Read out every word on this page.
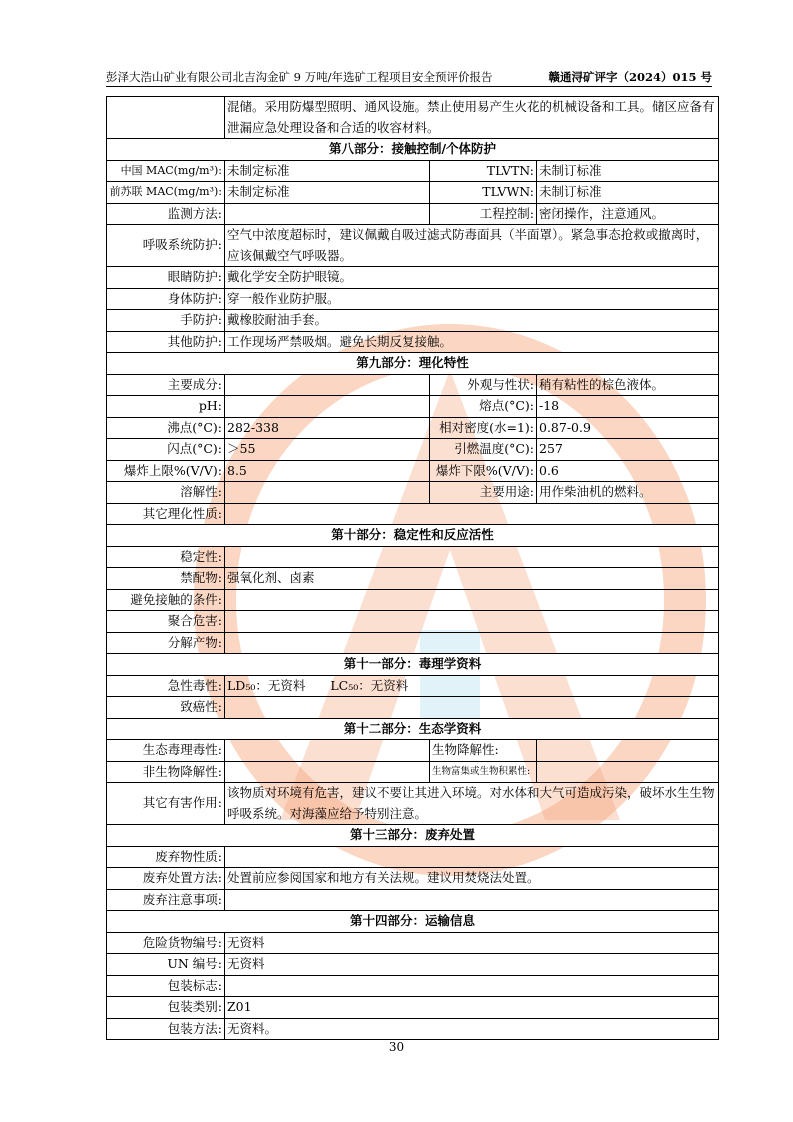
彭泽大浩山矿业有限公司北吉沟金矿 9 万吨/年选矿工程项目安全预评价报告	赣通浔矿评字（2024）015 号
	混储。采用防爆型照明、通风设施。禁止使用易产生火花的机械设备和工具。储区应备有泄漏应急处理设备和合适的收容材料。		
第八部分：接触控制/个体防护			
中国 MAC(mg/m³):	未制定标准	TLVTN:	未制订标准
前苏联 MAC(mg/m³):	未制定标准	TLVWN:	未制订标准
监测方法:		工程控制:	密闭操作，注意通风。
呼吸系统防护:	空气中浓度超标时，建议佩戴自吸过滤式防毒面具（半面罩）。紧急事态抢救或撤离时，应该佩戴空气呼吸器。		
眼睛防护:	戴化学安全防护眼镜。		
身体防护:	穿一般作业防护服。		
手防护:	戴橡胶耐油手套。		
其他防护:	工作现场严禁吸烟。避免长期反复接触。		
第九部分：理化特性			
主要成分:		外观与性状:	稍有粘性的棕色液体。
pH:		熔点(°C):	-18
沸点(°C):	282-338	相对密度(水=1):	0.87-0.9
闪点(°C):	＞55	引燃温度(°C):	257
爆炸上限%(V/V):	8.5	爆炸下限%(V/V):	0.6
溶解性:		主要用途:	用作柴油机的燃料。
其它理化性质:			
第十部分：稳定性和反应活性			
稳定性:			
禁配物:	强氧化剂、卤素		
避免接触的条件:			
聚合危害:			
分解产物:			
第十一部分：毒理学资料			
急性毒性:	LD₅₀：无资料　　LC₅₀：无资料		
致癌性:			
第十二部分：生态学资料			
生态毒理毒性:		生物降解性:	
非生物降解性:		生物富集或生物积累性:	
其它有害作用:	该物质对环境有危害，建议不要让其进入环境。对水体和大气可造成污染，破坏水生生物呼吸系统。对海藻应给予特别注意。		
第十三部分：废弃处置			
废弃物性质:			
废弃处置方法:	处置前应参阅国家和地方有关法规。建议用焚烧法处置。		
废弃注意事项:			
第十四部分：运输信息			
危险货物编号:	无资料		
UN 编号:	无资料		
包装标志:			
包装类别:	Z01		
包装方法:	无资料。		
30
